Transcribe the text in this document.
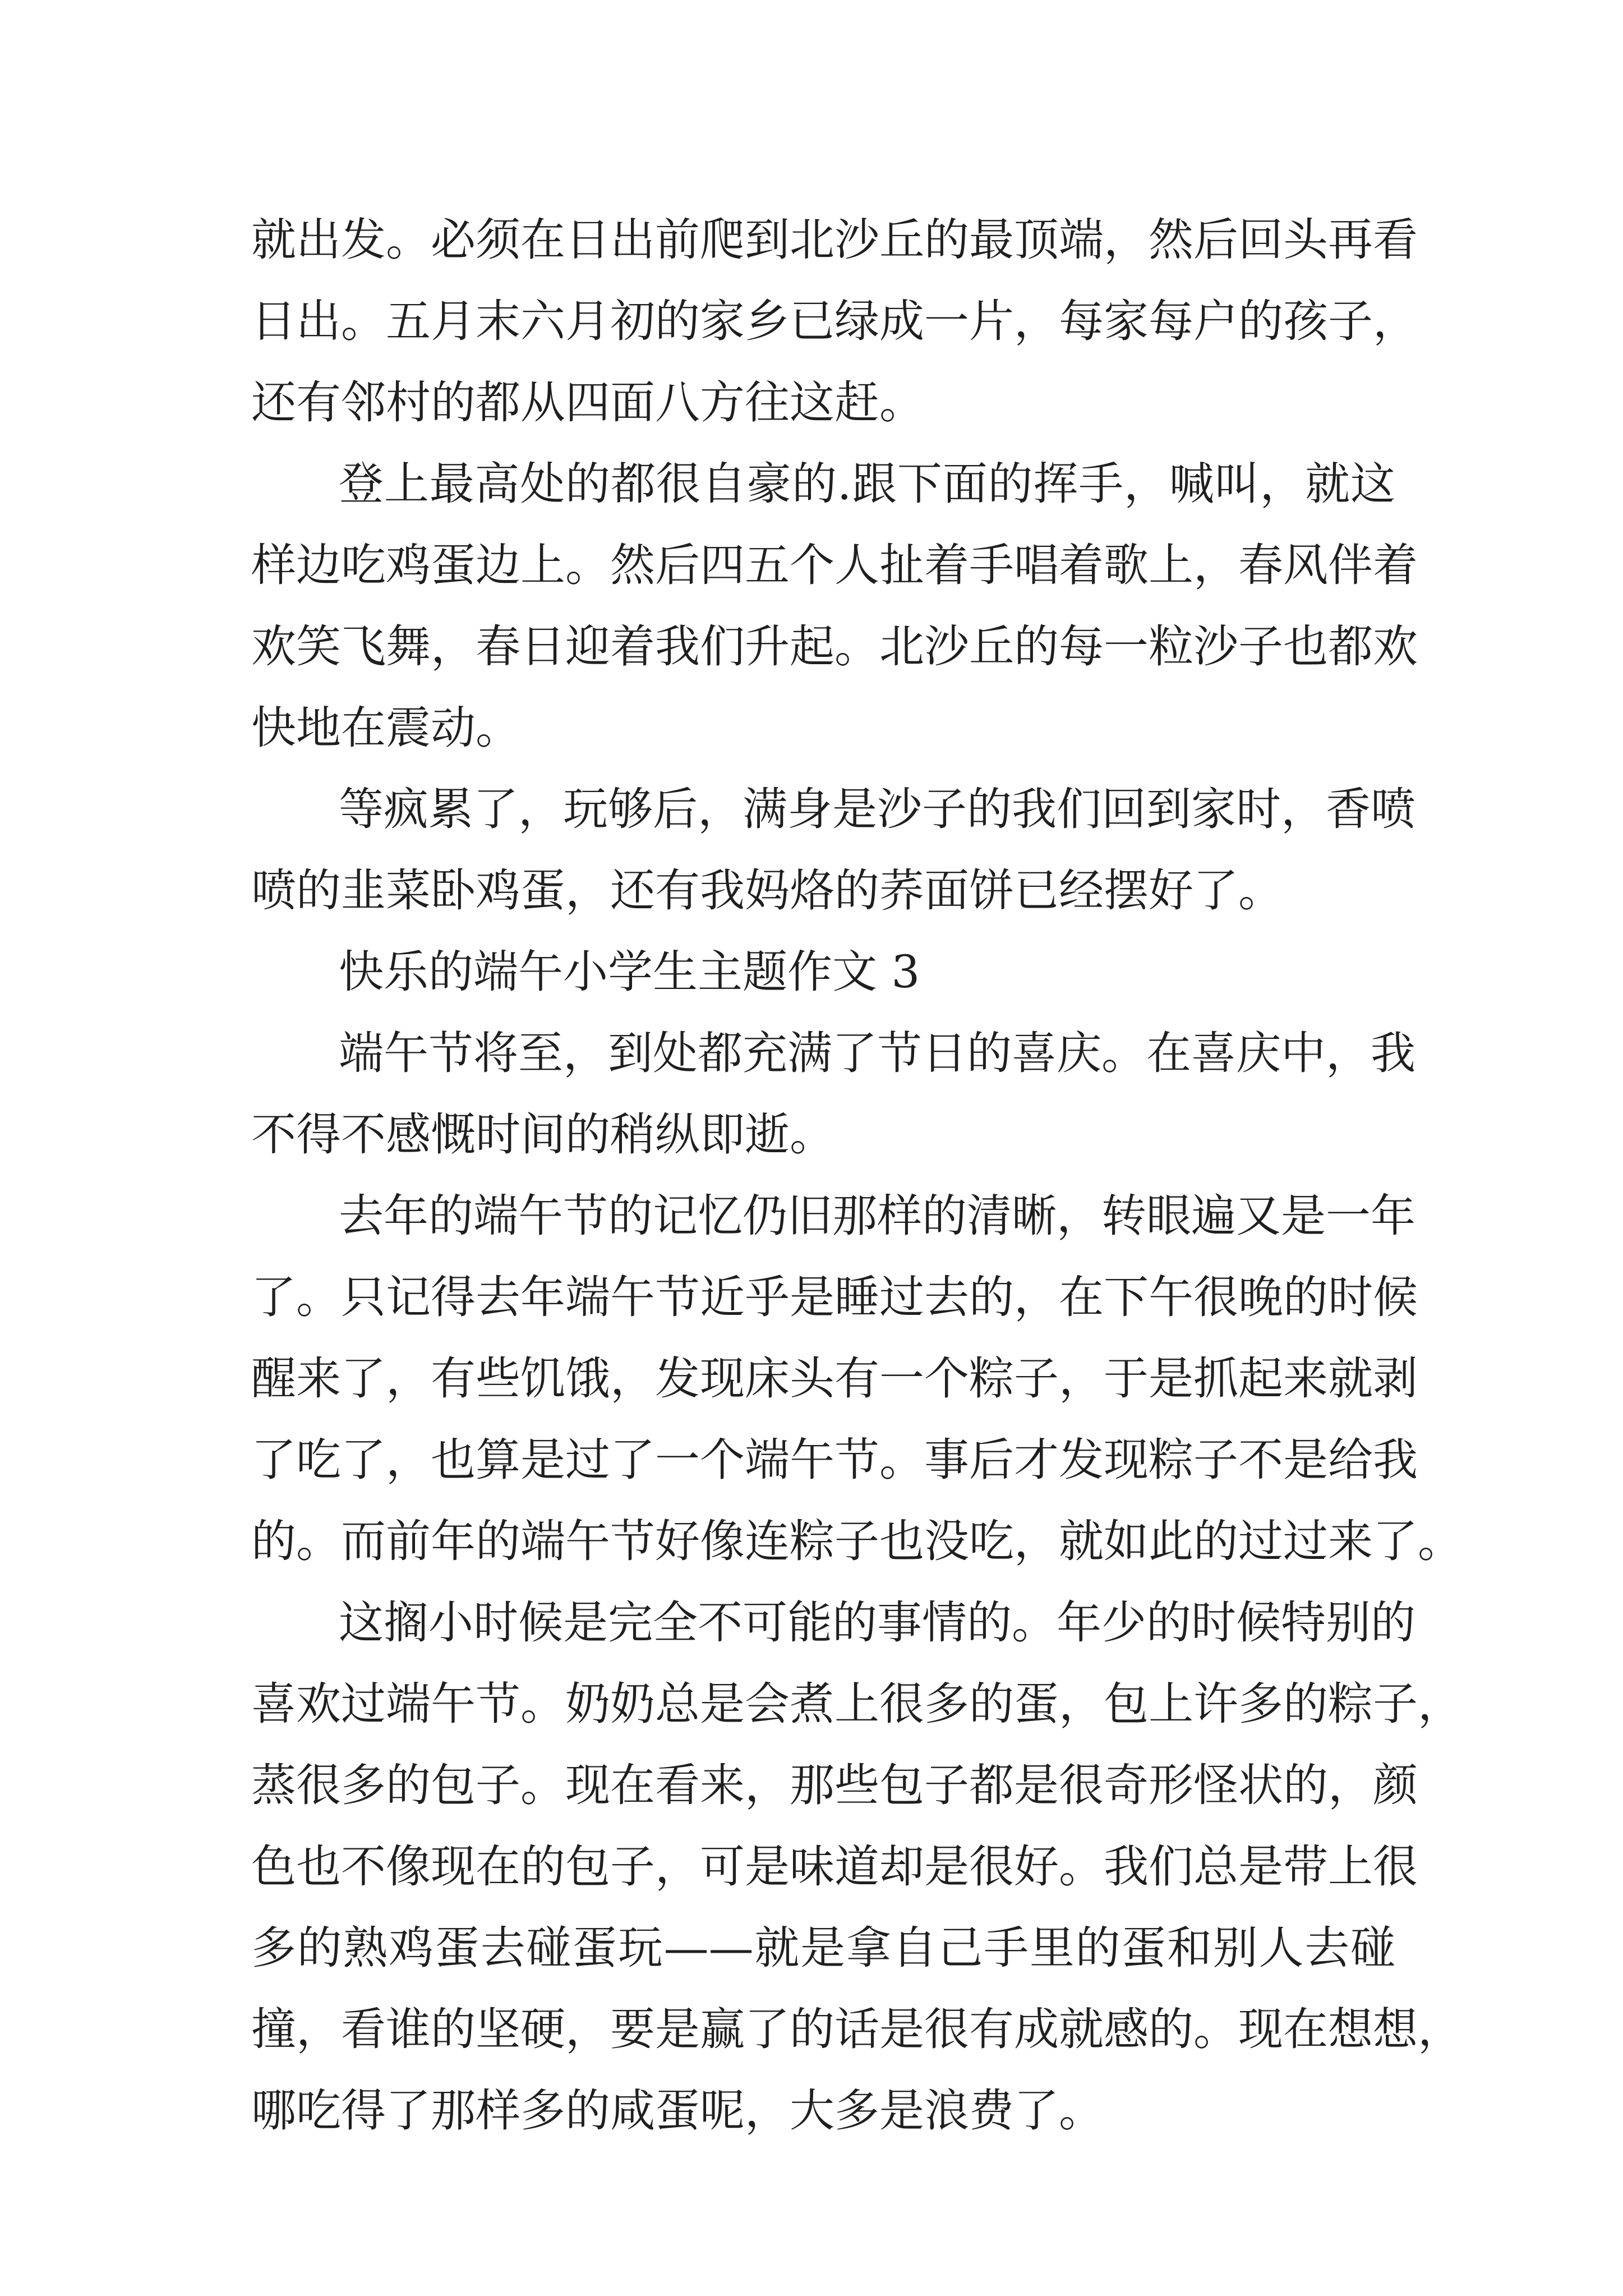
就出发。必须在日出前爬到北沙丘的最顶端，然后回头再看
日出。五月末六月初的家乡已绿成一片，每家每户的孩子，
还有邻村的都从四面八方往这赶。
登上最高处的都很自豪的.跟下面的挥手，喊叫，就这
样边吃鸡蛋边上。然后四五个人扯着手唱着歌上，春风伴着
欢笑飞舞，春日迎着我们升起。北沙丘的每一粒沙子也都欢
快地在震动。
等疯累了，玩够后，满身是沙子的我们回到家时，香喷
喷的韭菜卧鸡蛋，还有我妈烙的荞面饼已经摆好了。
快乐的端午小学生主题作文 3
端午节将至，到处都充满了节日的喜庆。在喜庆中，我
不得不感慨时间的稍纵即逝。
去年的端午节的记忆仍旧那样的清晰，转眼遍又是一年
了。只记得去年端午节近乎是睡过去的，在下午很晚的时候
醒来了，有些饥饿，发现床头有一个粽子，于是抓起来就剥
了吃了，也算是过了一个端午节。事后才发现粽子不是给我
的。而前年的端午节好像连粽子也没吃，就如此的过过来了。
这搁小时候是完全不可能的事情的。年少的时候特别的
喜欢过端午节。奶奶总是会煮上很多的蛋，包上许多的粽子，
蒸很多的包子。现在看来，那些包子都是很奇形怪状的，颜
色也不像现在的包子，可是味道却是很好。我们总是带上很
多的熟鸡蛋去碰蛋玩——就是拿自己手里的蛋和别人去碰
撞，看谁的坚硬，要是赢了的话是很有成就感的。现在想想，
哪吃得了那样多的咸蛋呢，大多是浪费了。
